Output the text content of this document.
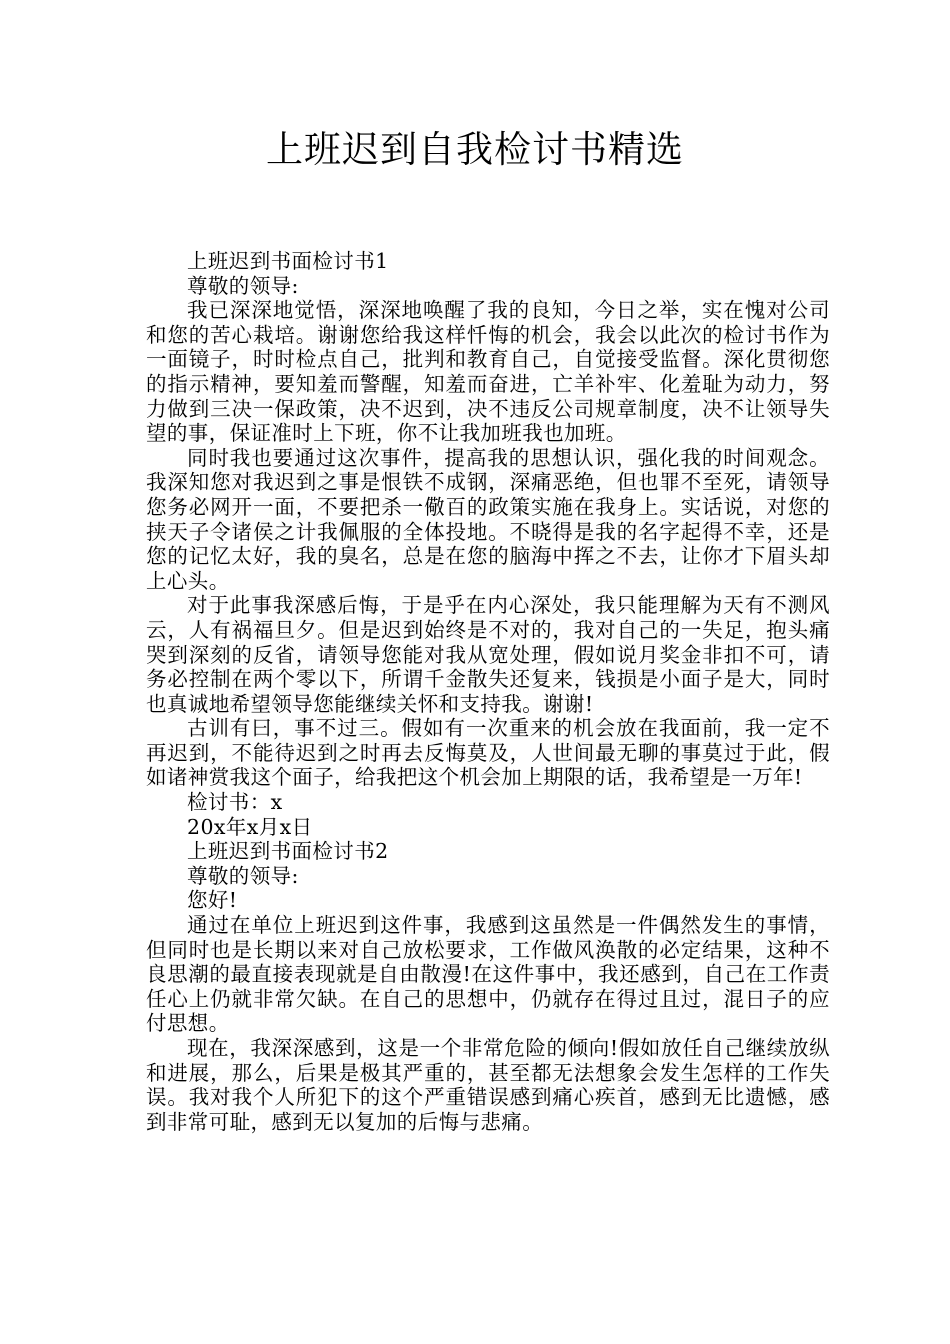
上班迟到自我检讨书精选

上班迟到书面检讨书1

尊敬的领导:

我已深深地觉悟，深深地唤醒了我的良知，今日之举，实在愧对公司和您的苦心栽培。谢谢您给我这样忏悔的机会，我会以此次的检讨书作为一面镜子，时时检点自己，批判和教育自己，自觉接受监督。深化贯彻您的指示精神，要知羞而警醒，知羞而奋进，亡羊补牢、化羞耻为动力，努力做到三决一保政策，决不迟到，决不违反公司规章制度，决不让领导失望的事，保证准时上下班，你不让我加班我也加班。

同时我也要通过这次事件，提高我的思想认识，强化我的时间观念。我深知您对我迟到之事是恨铁不成钢，深痛恶绝，但也罪不至死，请领导您务必网开一面，不要把杀一儆百的政策实施在我身上。实话说，对您的挟天子令诸侯之计我佩服的全体投地。不晓得是我的名字起得不幸，还是您的记忆太好，我的臭名，总是在您的脑海中挥之不去，让你才下眉头却上心头。

对于此事我深感后悔，于是乎在内心深处，我只能理解为天有不测风云，人有祸福旦夕。但是迟到始终是不对的，我对自己的一失足，抱头痛哭到深刻的反省，请领导您能对我从宽处理，假如说月奖金非扣不可，请务必控制在两个零以下，所谓千金散失还复来，钱损是小面子是大，同时也真诚地希望领导您能继续关怀和支持我。谢谢!

古训有曰，事不过三。假如有一次重来的机会放在我面前，我一定不再迟到，不能待迟到之时再去反悔莫及，人世间最无聊的事莫过于此，假如诸神赏我这个面子，给我把这个机会加上期限的话，我希望是一万年!

检讨书：x

20x年x月x日

上班迟到书面检讨书2

尊敬的领导:

您好!

通过在单位上班迟到这件事，我感到这虽然是一件偶然发生的事情，但同时也是长期以来对自己放松要求，工作做风涣散的必定结果，这种不良思潮的最直接表现就是自由散漫!在这件事中，我还感到，自己在工作责任心上仍就非常欠缺。在自己的思想中，仍就存在得过且过，混日子的应付思想。

现在，我深深感到，这是一个非常危险的倾向!假如放任自己继续放纵和进展，那么，后果是极其严重的，甚至都无法想象会发生怎样的工作失误。我对我个人所犯下的这个严重错误感到痛心疾首，感到无比遗憾，感到非常可耻，感到无以复加的后悔与悲痛。
